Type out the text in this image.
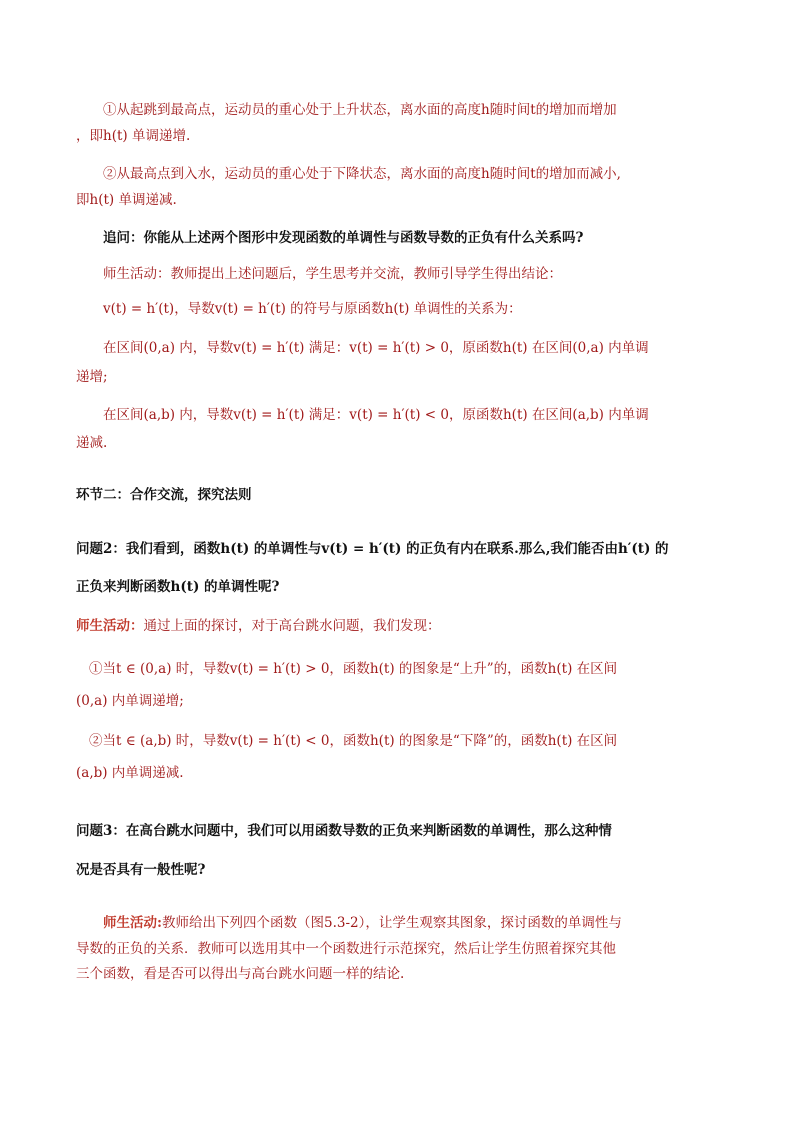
①从起跳到最高点，运动员的重心处于上升状态，离水面的高度h随时间t的增加而增加
，即h(t) 单调递增.
②从最高点到入水，运动员的重心处于下降状态，离水面的高度h随时间t的增加而减小,
即h(t) 单调递减.
追问：你能从上述两个图形中发现函数的单调性与函数导数的正负有什么关系吗?
师生活动：教师提出上述问题后，学生思考并交流，教师引导学生得出结论：
v(t) = h′(t)，导数v(t) = h′(t) 的符号与原函数h(t) 单调性的关系为：
在区间(0,a) 内，导数v(t) = h′(t) 满足：v(t) = h′(t) > 0，原函数h(t) 在区间(0,a) 内单调
递增;
在区间(a,b) 内，导数v(t) = h′(t) 满足：v(t) = h′(t) < 0，原函数h(t) 在区间(a,b) 内单调
递减.
环节二：合作交流，探究法则
问题2：我们看到，函数h(t) 的单调性与v(t) = h′(t) 的正负有内在联系.那么,我们能否由h′(t) 的
正负来判断函数h(t) 的单调性呢?
师生活动：通过上面的探讨，对于高台跳水问题，我们发现：
①当t ∈ (0,a) 时，导数v(t) = h′(t) > 0，函数h(t) 的图象是“上升”的，函数h(t) 在区间
(0,a) 内单调递增;
②当t ∈ (a,b) 时，导数v(t) = h′(t) < 0，函数h(t) 的图象是“下降”的，函数h(t) 在区间
(a,b) 内单调递减.
问题3：在高台跳水问题中，我们可以用函数导数的正负来判断函数的单调性，那么这种情
况是否具有一般性呢?
师生活动:教师给出下列四个函数（图5.3-2），让学生观察其图象，探讨函数的单调性与
导数的正负的关系．教师可以选用其中一个函数进行示范探究，然后让学生仿照着探究其他
三个函数，看是否可以得出与高台跳水问题一样的结论.
